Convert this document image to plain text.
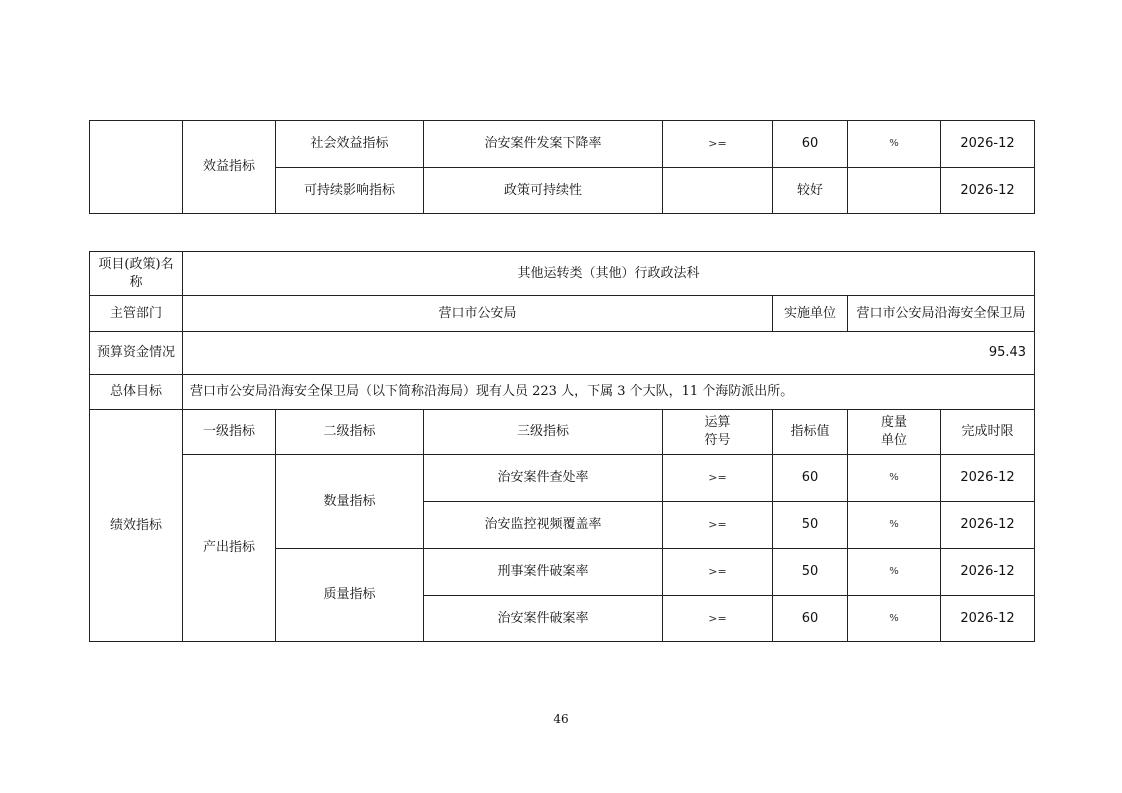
	效益指标	社会效益指标	治安案件发案下降率	>=	60	%	2026-12
		可持续影响指标	政策可持续性		较好		2026-12
项目(政策)名称	其他运转类（其他）行政政法科						
主管部门	营口市公安局				实施单位	营口市公安局沿海安全保卫局	
预算资金情况	95.43						
总体目标	营口市公安局沿海安全保卫局（以下简称沿海局）现有人员 223 人，下属 3 个大队，11 个海防派出所。						
绩效指标	一级指标	二级指标	三级指标	运算符号	指标值	度量单位	完成时限
	产出指标	数量指标	治安案件查处率	>=	60	%	2026-12
			治安监控视频覆盖率	>=	50	%	2026-12
		质量指标	刑事案件破案率	>=	50	%	2026-12
			治安案件破案率	>=	60	%	2026-12
46
